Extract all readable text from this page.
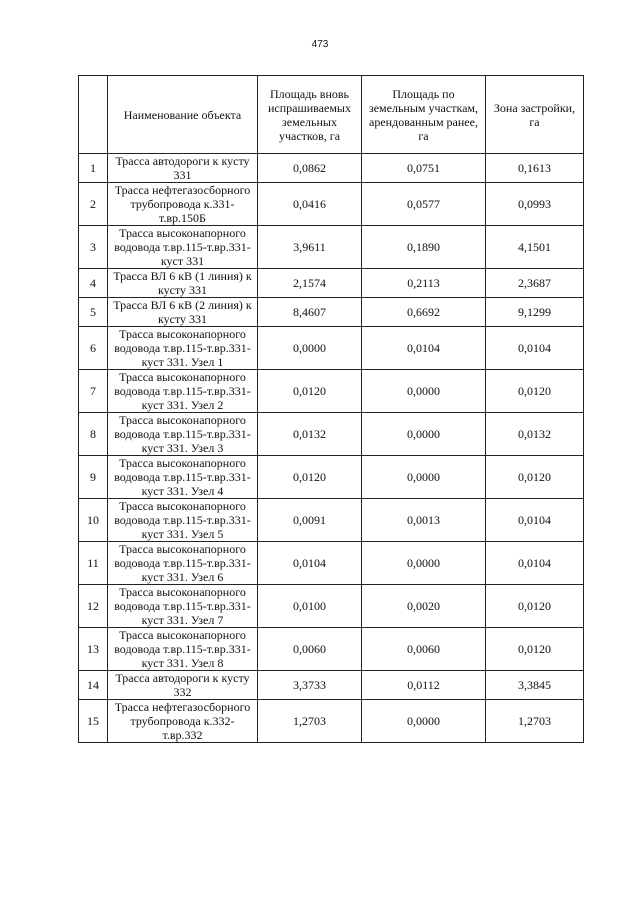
473
	Наименование объекта	Площадь вновь испрашиваемых земельных участков, га	Площадь по земельным участкам, арендованным ранее, га	Зона застройки, га
1	Трасса автодороги к кусту 331	0,0862	0,0751	0,1613
2	Трасса нефтегазосборного трубопровода к.331-т.вр.150Б	0,0416	0,0577	0,0993
3	Трасса высоконапорного водовода т.вр.115-т.вр.331-куст 331	3,9611	0,1890	4,1501
4	Трасса ВЛ 6 кВ (1 линия) к кусту 331	2,1574	0,2113	2,3687
5	Трасса ВЛ 6 кВ (2 линия) к кусту 331	8,4607	0,6692	9,1299
6	Трасса высоконапорного водовода т.вр.115-т.вр.331-куст 331. Узел 1	0,0000	0,0104	0,0104
7	Трасса высоконапорного водовода т.вр.115-т.вр.331-куст 331. Узел 2	0,0120	0,0000	0,0120
8	Трасса высоконапорного водовода т.вр.115-т.вр.331-куст 331. Узел 3	0,0132	0,0000	0,0132
9	Трасса высоконапорного водовода т.вр.115-т.вр.331-куст 331. Узел 4	0,0120	0,0000	0,0120
10	Трасса высоконапорного водовода т.вр.115-т.вр.331-куст 331. Узел 5	0,0091	0,0013	0,0104
11	Трасса высоконапорного водовода т.вр.115-т.вр.331-куст 331. Узел 6	0,0104	0,0000	0,0104
12	Трасса высоконапорного водовода т.вр.115-т.вр.331-куст 331. Узел 7	0,0100	0,0020	0,0120
13	Трасса высоконапорного водовода т.вр.115-т.вр.331-куст 331. Узел 8	0,0060	0,0060	0,0120
14	Трасса автодороги к кусту 332	3,3733	0,0112	3,3845
15	Трасса нефтегазосборного трубопровода к.332-т.вр.332	1,2703	0,0000	1,2703
